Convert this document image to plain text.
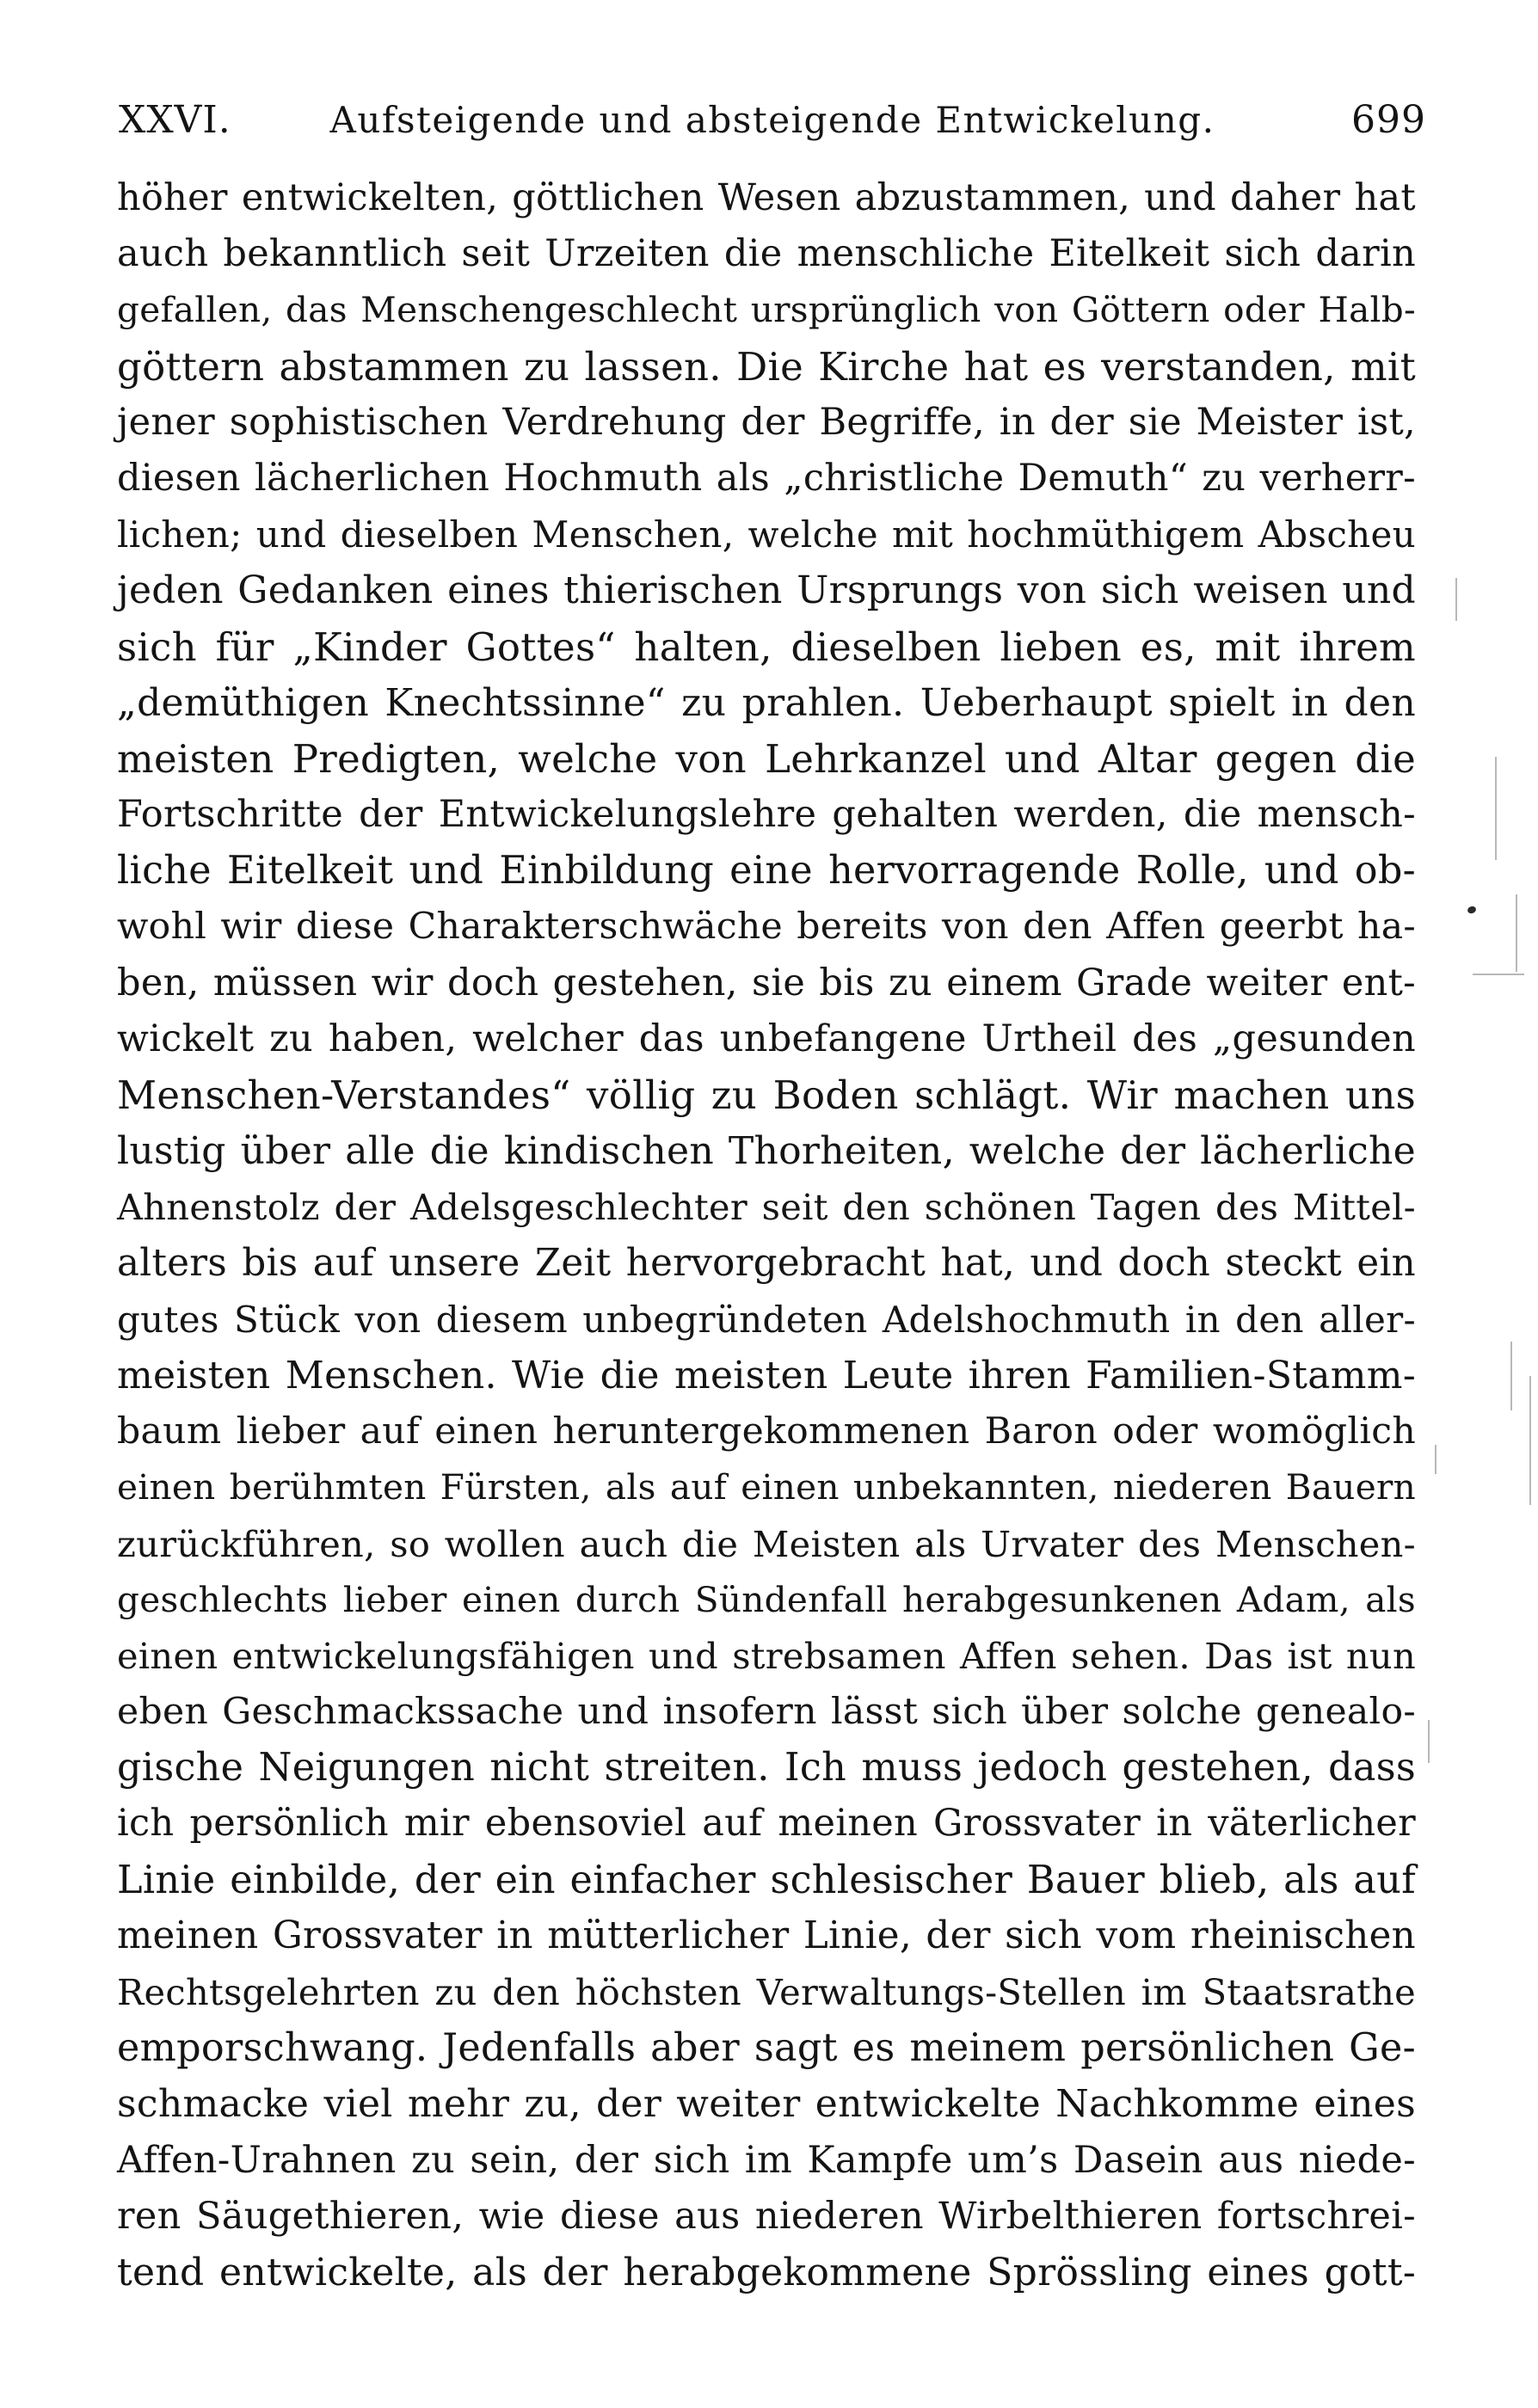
XXVI.	Aufsteigende und absteigende Entwickelung.	699
höher entwickelten, göttlichen Wesen abzustammen, und daher hat
auch bekanntlich seit Urzeiten die menschliche Eitelkeit sich darin
gefallen, das Menschengeschlecht ursprünglich von Göttern oder Halb-
göttern abstammen zu lassen. Die Kirche hat es verstanden, mit
jener sophistischen Verdrehung der Begriffe, in der sie Meister ist,
diesen lächerlichen Hochmuth als „christliche Demuth“ zu verherr-
lichen; und dieselben Menschen, welche mit hochmüthigem Abscheu
jeden Gedanken eines thierischen Ursprungs von sich weisen und
sich für „Kinder Gottes“ halten, dieselben lieben es, mit ihrem
„demüthigen Knechtssinne“ zu prahlen. Ueberhaupt spielt in den
meisten Predigten, welche von Lehrkanzel und Altar gegen die
Fortschritte der Entwickelungslehre gehalten werden, die mensch-
liche Eitelkeit und Einbildung eine hervorragende Rolle, und ob-
wohl wir diese Charakterschwäche bereits von den Affen geerbt ha-
ben, müssen wir doch gestehen, sie bis zu einem Grade weiter ent-
wickelt zu haben, welcher das unbefangene Urtheil des „gesunden
Menschen-Verstandes“ völlig zu Boden schlägt. Wir machen uns
lustig über alle die kindischen Thorheiten, welche der lächerliche
Ahnenstolz der Adelsgeschlechter seit den schönen Tagen des Mittel-
alters bis auf unsere Zeit hervorgebracht hat, und doch steckt ein
gutes Stück von diesem unbegründeten Adelshochmuth in den aller-
meisten Menschen. Wie die meisten Leute ihren Familien-Stamm-
baum lieber auf einen heruntergekommenen Baron oder womöglich
einen berühmten Fürsten, als auf einen unbekannten, niederen Bauern
zurückführen, so wollen auch die Meisten als Urvater des Menschen-
geschlechts lieber einen durch Sündenfall herabgesunkenen Adam, als
einen entwickelungsfähigen und strebsamen Affen sehen. Das ist nun
eben Geschmackssache und insofern lässt sich über solche genealo-
gische Neigungen nicht streiten. Ich muss jedoch gestehen, dass
ich persönlich mir ebensoviel auf meinen Grossvater in väterlicher
Linie einbilde, der ein einfacher schlesischer Bauer blieb, als auf
meinen Grossvater in mütterlicher Linie, der sich vom rheinischen
Rechtsgelehrten zu den höchsten Verwaltungs-Stellen im Staatsrathe
emporschwang. Jedenfalls aber sagt es meinem persönlichen Ge-
schmacke viel mehr zu, der weiter entwickelte Nachkomme eines
Affen-Urahnen zu sein, der sich im Kampfe um’s Dasein aus niede-
ren Säugethieren, wie diese aus niederen Wirbelthieren fortschrei-
tend entwickelte, als der herabgekommene Sprössling eines gott-
